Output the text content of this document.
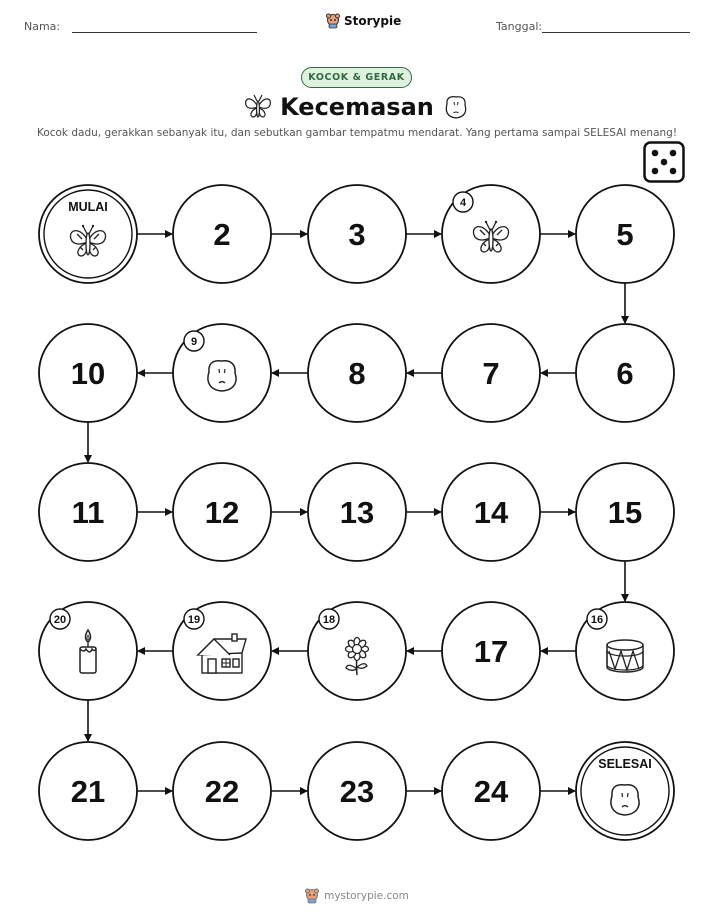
Nama:	Storypie	Tanggal:
KOCOK & GERAK
Kecemasan
Kocok dadu, gerakkan sebanyak itu, dan sebutkan gambar tempatmu mendarat. Yang pertama sampai SELESAI menang!
MULAI
2	3
4
5
6
7
8
9
10
11	12	13	14	15
16
17
18
19
20
21	22	23	24
SELESAI
mystorypie.com
